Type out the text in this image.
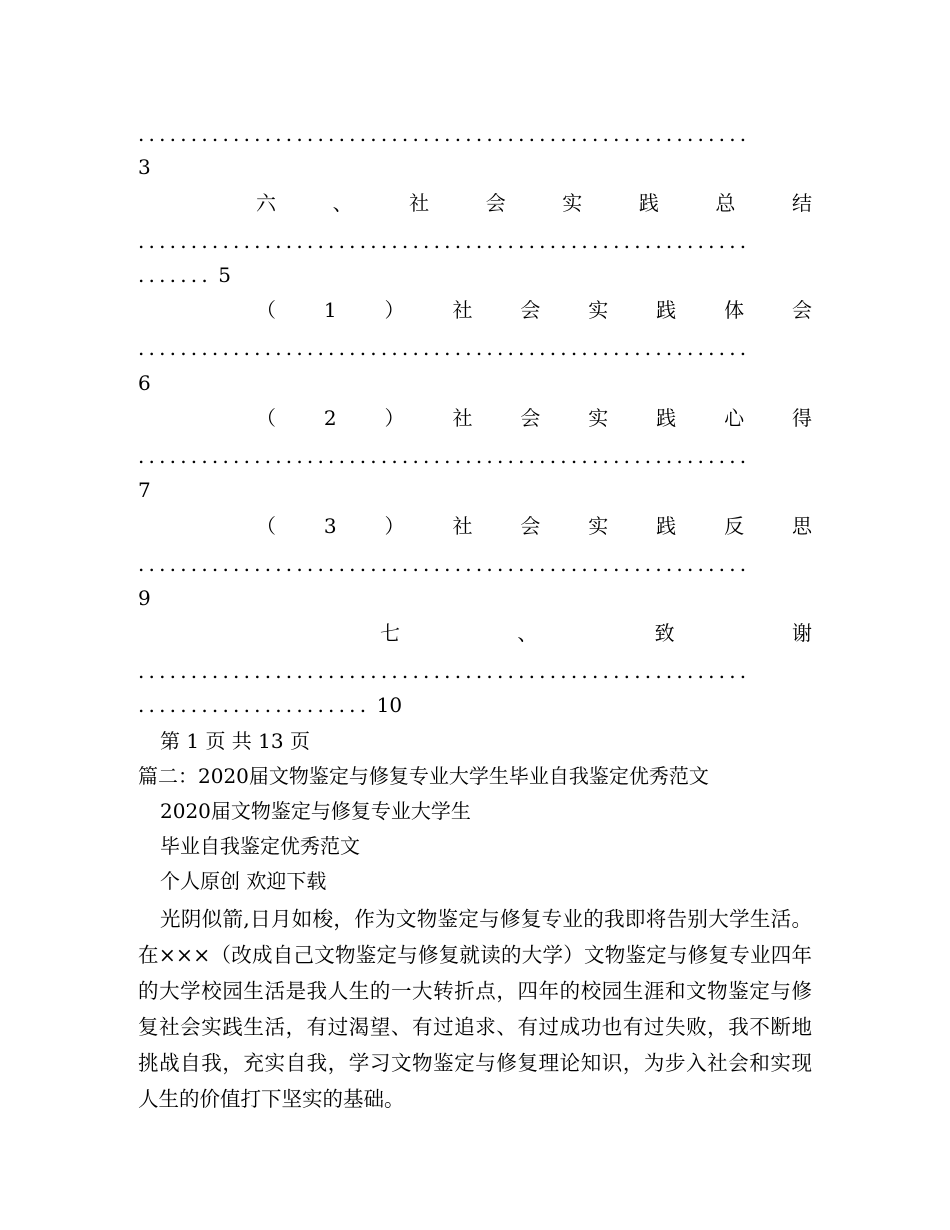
..........................................................
3
六	、	社	会	实	践	总	结
..........................................................
....... 5
（ 1 ） 社 会 实 践 体 会
..........................................................
6
（ 2 ） 社 会 实 践 心 得
..........................................................
7
（ 3 ） 社 会 实 践 反 思
..........................................................
9
七	、	致	谢
..........................................................
...................... 10
第 1 页 共 13 页
篇二：2020届文物鉴定与修复专业大学生毕业自我鉴定优秀范文
2020届文物鉴定与修复专业大学生
毕业自我鉴定优秀范文
个人原创 欢迎下载

光阴似箭,日月如梭，作为文物鉴定与修复专业的我即将告别大学生活。在×××（改成自己文物鉴定与修复就读的大学）文物鉴定与修复专业四年的大学校园生活是我人生的一大转折点，四年的校园生涯和文物鉴定与修复社会实践生活，有过渴望、有过追求、有过成功也有过失败，我不断地挑战自我，充实自我，学习文物鉴定与修复理论知识，为步入社会和实现人生的价值打下坚实的基础。
